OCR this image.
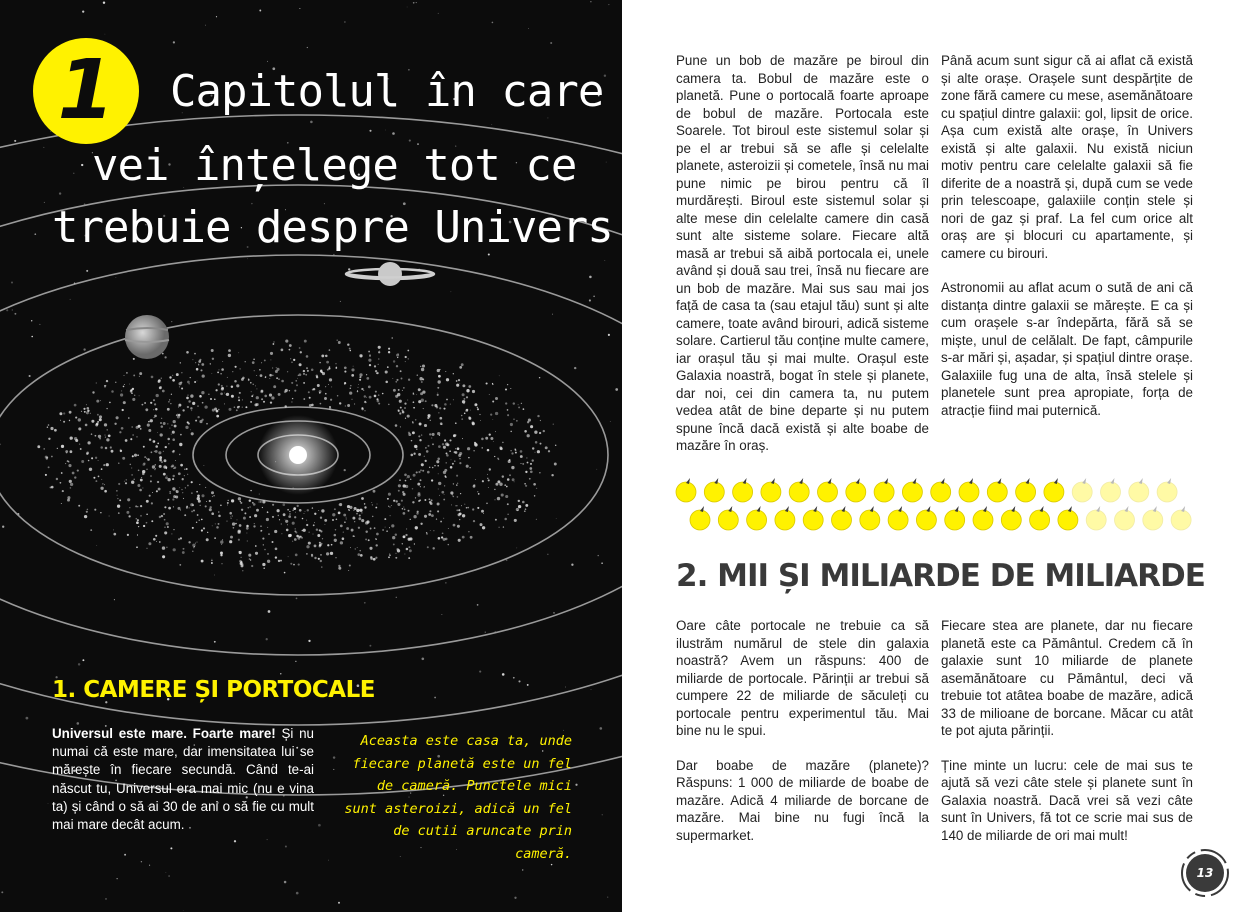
1	Capitolul în care
vei înțelege tot ce
trebuie despre Univers
1. CAMERE ȘI PORTOCALE
Universul este mare. Foarte mare! Și nu numai că este mare, dar imensitatea lui se mărește în fiecare secundă. Când te-ai născut tu, Universul era mai mic (nu e vina ta) și când o să ai 30 de ani o să fie cu mult mai mare decât acum.
Aceasta este casa ta, unde fiecare planetă este un fel de cameră. Punctele mici sunt asteroizi, adică un fel de cutii aruncate prin cameră.

Pune un bob de mazăre pe biroul din camera ta. Bobul de mazăre este o planetă. Pune o portocală foarte aproape de bobul de mazăre. Portocala este Soarele. Tot biroul este sistemul solar și pe el ar trebui să se afle și celelalte planete, asteroizii și cometele, însă nu mai pune nimic pe birou pentru că îl murdărești. Biroul este sistemul solar și alte mese din celelalte camere din casă sunt alte sisteme solare. Fiecare altă masă ar trebui să aibă portocala ei, unele având și două sau trei, însă nu fiecare are un bob de mazăre. Mai sus sau mai jos față de casa ta (sau etajul tău) sunt și alte camere, toate având birouri, adică sisteme solare. Cartierul tău conține multe camere, iar orașul tău și mai multe. Orașul este Galaxia noastră, bogat în stele și planete, dar noi, cei din camera ta, nu putem vedea atât de bine departe și nu putem spune încă dacă există și alte boabe de mazăre în oraș.

Până acum sunt sigur că ai aflat că există și alte orașe. Orașele sunt despărțite de zone fără camere cu mese, asemănătoare cu spațiul dintre galaxii: gol, lipsit de orice. Așa cum există alte orașe, în Univers există și alte galaxii. Nu există niciun motiv pentru care celelalte galaxii să fie diferite de a noastră și, după cum se vede prin telescoape, galaxiile conțin stele și nori de gaz și praf. La fel cum orice alt oraș are și blocuri cu apartamente, și camere cu birouri.

Astronomii au aflat acum o sută de ani că distanța dintre galaxii se mărește. E ca și cum orașele s-ar îndepărta, fără să se miște, unul de celălalt. De fapt, câmpurile s-ar mări și, așadar, și spațiul dintre orașe. Galaxiile fug una de alta, însă stelele și planetele sunt prea apropiate, forța de atracție fiind mai puternică.

2. MII ȘI MILIARDE DE MILIARDE

Oare câte portocale ne trebuie ca să ilustrăm numărul de stele din galaxia noastră? Avem un răspuns: 400 de miliarde de portocale. Părinții ar trebui să cumpere 22 de miliarde de săculeți cu portocale pentru experimentul tău. Mai bine nu le spui.

Dar boabe de mazăre (planete)? Răspuns: 1 000 de miliarde de boabe de mazăre. Adică 4 miliarde de borcane de mazăre. Mai bine nu fugi încă la supermarket.

Fiecare stea are planete, dar nu fiecare planetă este ca Pământul. Credem că în galaxie sunt 10 miliarde de planete asemănătoare cu Pământul, deci vă trebuie tot atâtea boabe de mazăre, adică 33 de milioane de borcane. Măcar cu atât te pot ajuta părinții.

Ține minte un lucru: cele de mai sus te ajută să vezi câte stele și planete sunt în Galaxia noastră. Dacă vrei să vezi câte sunt în Univers, fă tot ce scrie mai sus de 140 de miliarde de ori mai mult!

13
